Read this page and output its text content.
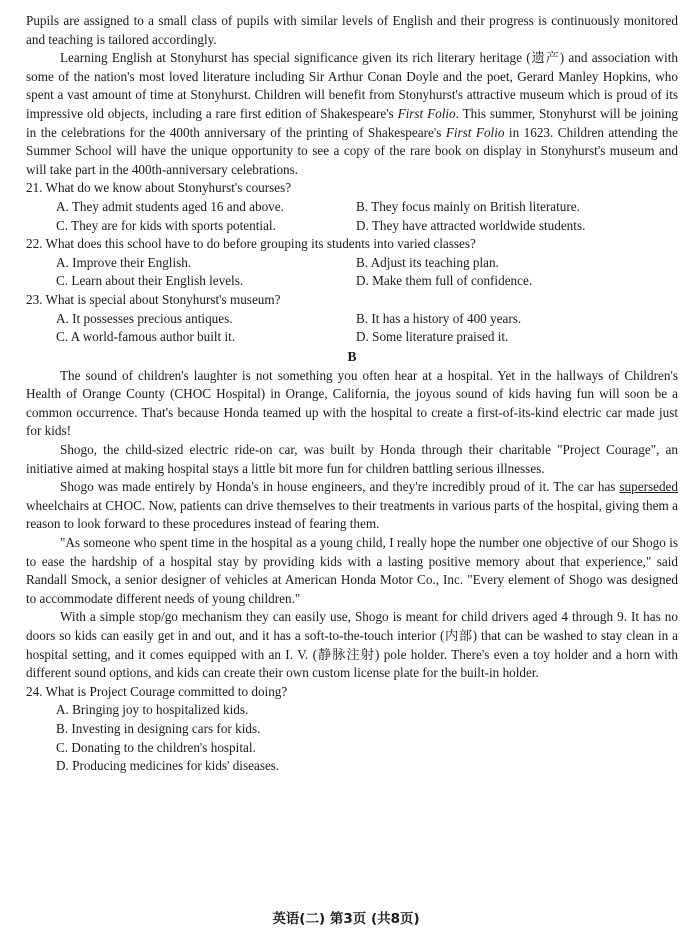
Pupils are assigned to a small class of pupils with similar levels of English and their progress is continuously monitored and teaching is tailored accordingly.

Learning English at Stonyhurst has special significance given its rich literary heritage (遗产) and association with some of the nation's most loved literature including Sir Arthur Conan Doyle and the poet, Gerard Manley Hopkins, who spent a vast amount of time at Stonyhurst. Children will benefit from Stonyhurst's attractive museum which is proud of its impressive old objects, including a rare first edition of Shakespeare's First Folio. This summer, Stonyhurst will be joining in the celebrations for the 400th anniversary of the printing of Shakespeare's First Folio in 1623. Children attending the Summer School will have the unique opportunity to see a copy of the rare book on display in Stonyhurst's museum and will take part in the 400th-anniversary celebrations.

21. What do we know about Stonyhurst's courses?

A. They admit students aged 16 and above.	B. They focus mainly on British literature.
C. They are for kids with sports potential.	D. They have attracted worldwide students.

22. What does this school have to do before grouping its students into varied classes?

A. Improve their English.	B. Adjust its teaching plan.
C. Learn about their English levels.	D. Make them full of confidence.

23. What is special about Stonyhurst's museum?

A. It possesses precious antiques.	B. It has a history of 400 years.
C. A world-famous author built it.	D. Some literature praised it.
B

The sound of children's laughter is not something you often hear at a hospital. Yet in the hallways of Children's Health of Orange County (CHOC Hospital) in Orange, California, the joyous sound of kids having fun will soon be a common occurrence. That's because Honda teamed up with the hospital to create a first-of-its-kind electric car made just for kids!

Shogo, the child-sized electric ride-on car, was built by Honda through their charitable "Project Courage", an initiative aimed at making hospital stays a little bit more fun for children battling serious illnesses.

Shogo was made entirely by Honda's in house engineers, and they're incredibly proud of it. The car has superseded wheelchairs at CHOC. Now, patients can drive themselves to their treatments in various parts of the hospital, giving them a reason to look forward to these procedures instead of fearing them.

"As someone who spent time in the hospital as a young child, I really hope the number one objective of our Shogo is to ease the hardship of a hospital stay by providing kids with a lasting positive memory about that experience," said Randall Smock, a senior designer of vehicles at American Honda Motor Co., Inc. "Every element of Shogo was designed to accommodate different needs of young children."

With a simple stop/go mechanism they can easily use, Shogo is meant for child drivers aged 4 through 9. It has no doors so kids can easily get in and out, and it has a soft-to-the-touch interior (内部) that can be washed to stay clean in a hospital setting, and it comes equipped with an I. V. (静脉注射) pole holder. There's even a toy holder and a horn with different sound options, and kids can create their own custom license plate for the built-in holder.

24. What is Project Courage committed to doing?

A. Bringing joy to hospitalized kids.
B. Investing in designing cars for kids.
C. Donating to the children's hospital.
D. Producing medicines for kids' diseases.
英语(二) 第3页 (共8页)
